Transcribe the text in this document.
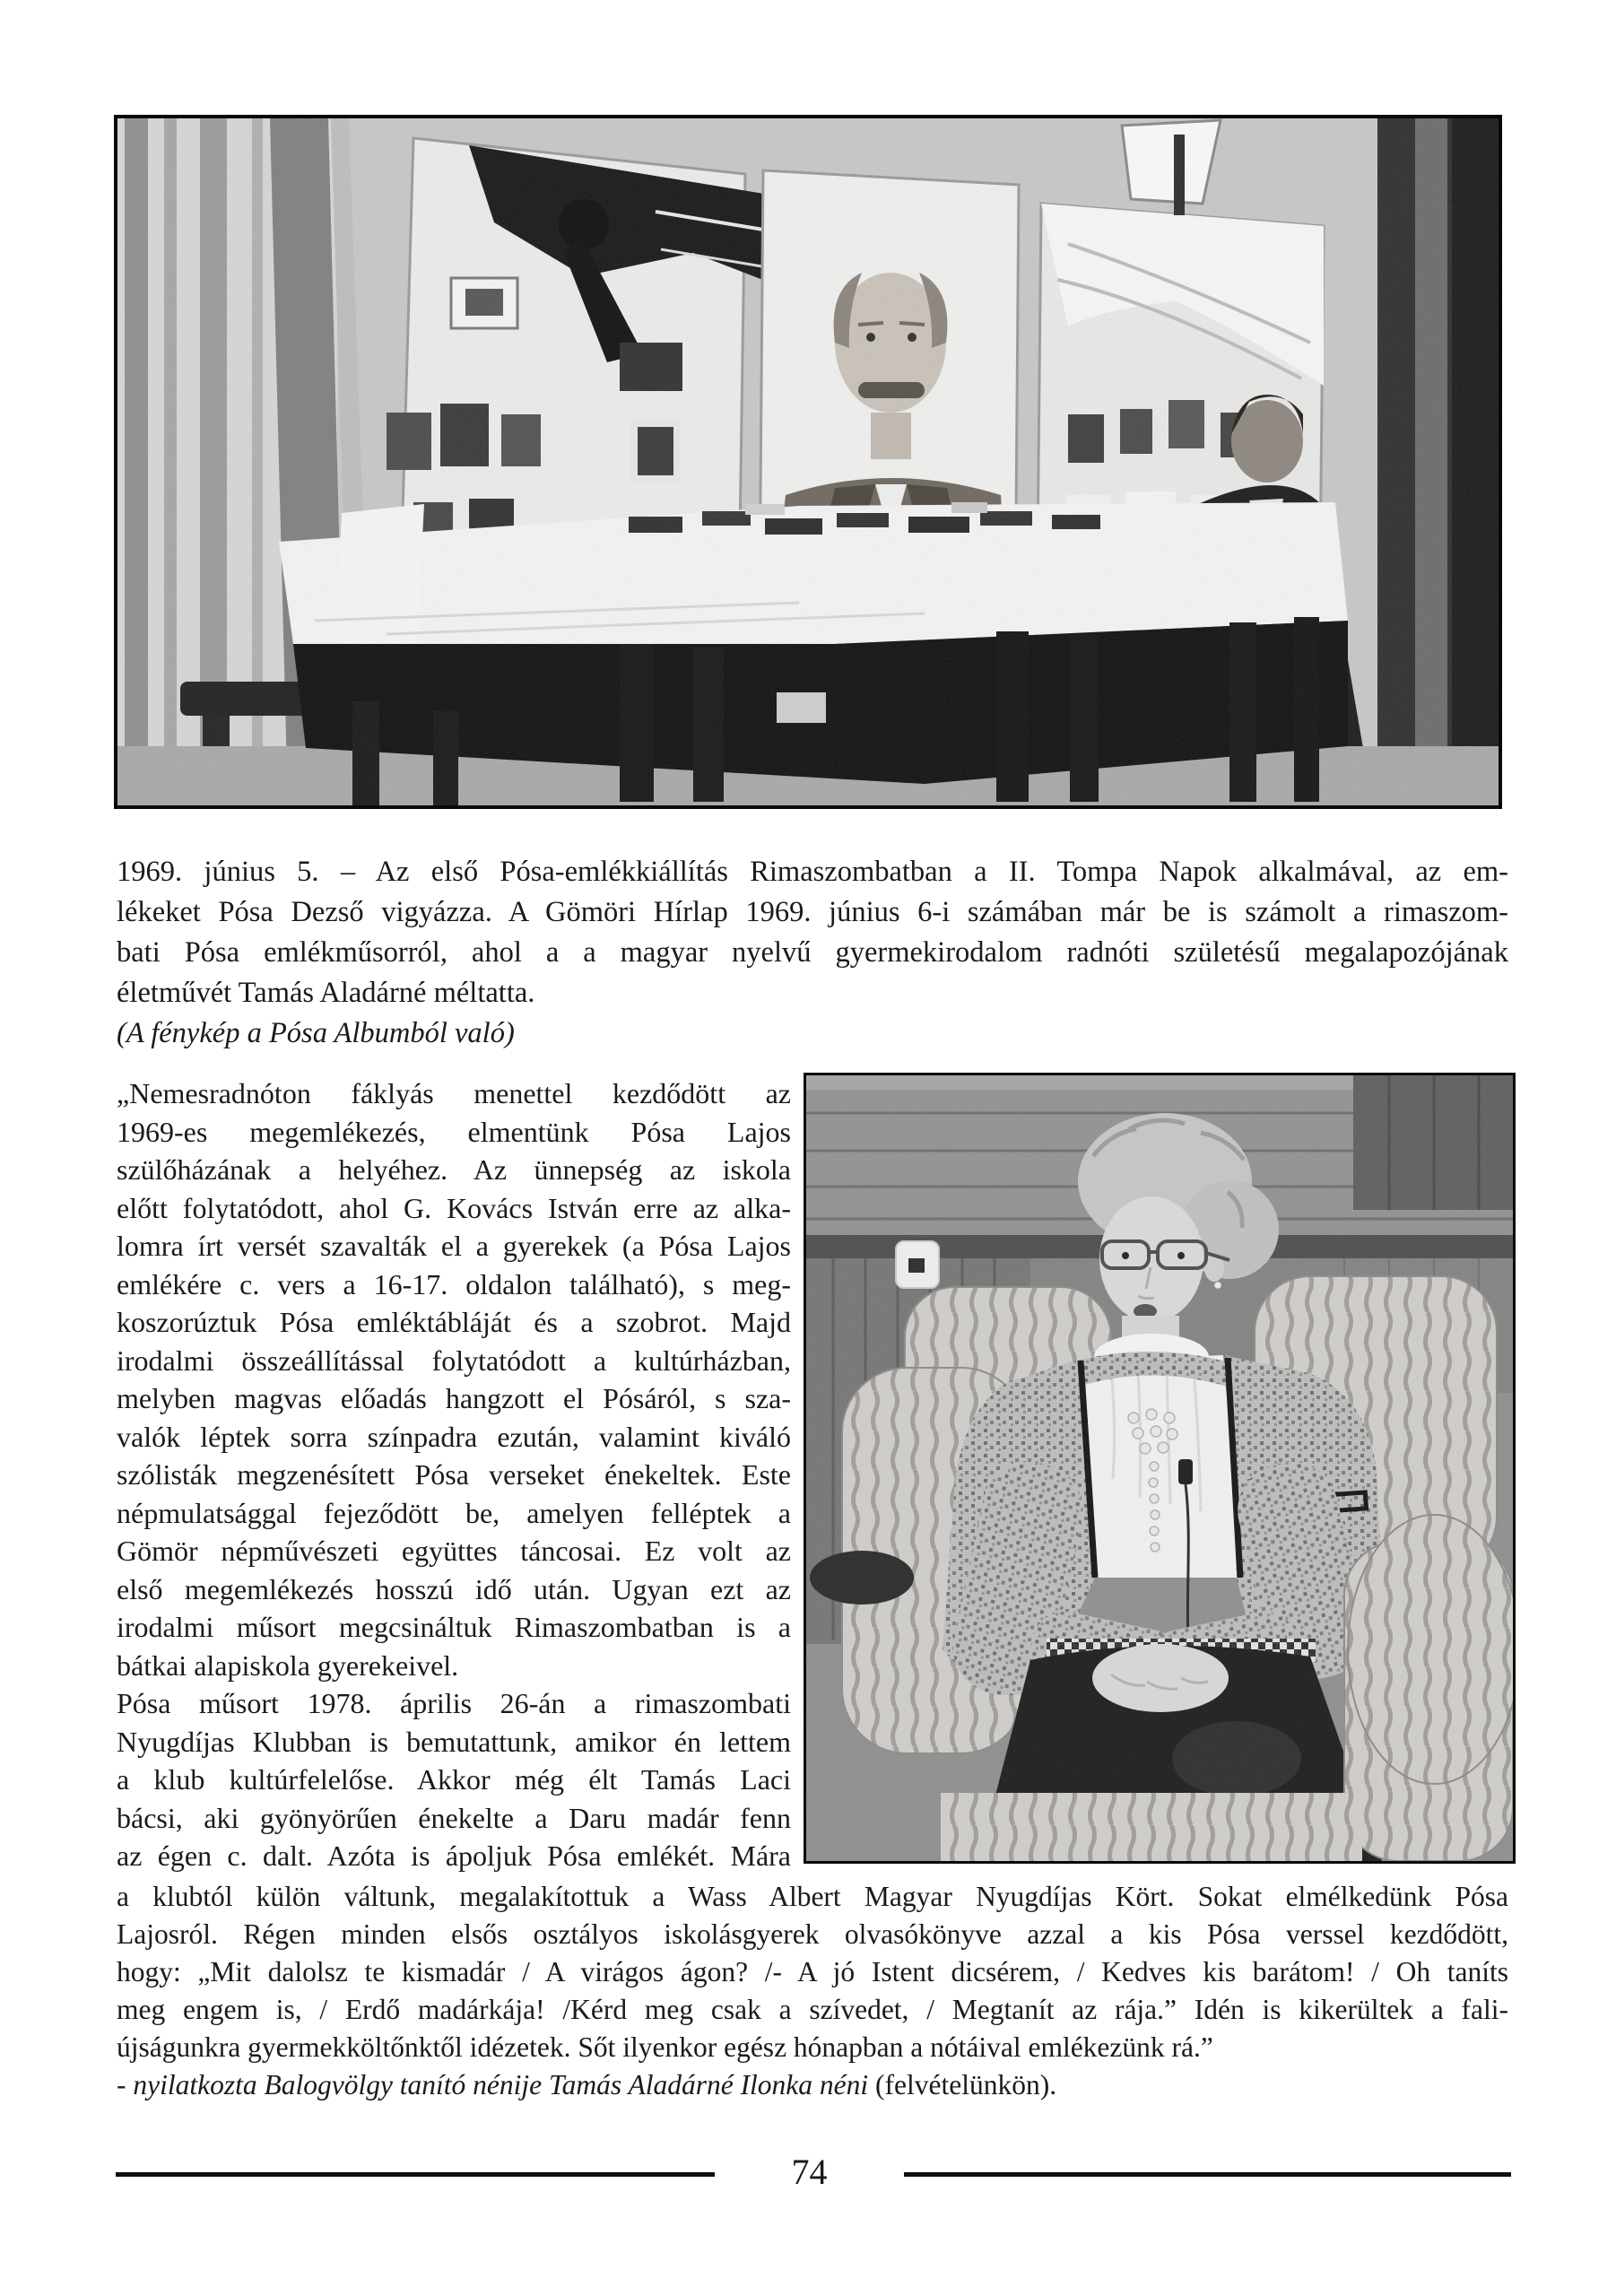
1969. június 5. – Az első Pósa-emlékkiállítás Rimaszombatban a II. Tompa Napok alkalmával, az em-
lékeket Pósa Dezső vigyázza. A Gömöri Hírlap 1969. június 6-i számában már be is számolt a rimaszom-
bati Pósa emlékműsorról, ahol a a magyar nyelvű gyermekirodalom radnóti születésű megalapozójának
életművét Tamás Aladárné méltatta.
(A fénykép a Pósa Albumból való)
„Nemesradnóton fáklyás menettel kezdődött az
1969-es megemlékezés, elmentünk Pósa Lajos
szülőházának a helyéhez. Az ünnepség az iskola
előtt folytatódott, ahol G. Kovács István erre az alka-
lomra írt versét szavalták el a gyerekek (a Pósa Lajos
emlékére c. vers a 16-17. oldalon található), s meg-
koszorúztuk Pósa emléktábláját és a szobrot. Majd
irodalmi összeállítással folytatódott a kultúrházban,
melyben magvas előadás hangzott el Pósáról, s sza-
valók léptek sorra színpadra ezután, valamint kiváló
szólisták megzenésített Pósa verseket énekeltek. Este
népmulatsággal fejeződött be, amelyen felléptek a
Gömör népművészeti együttes táncosai. Ez volt az
első megemlékezés hosszú idő után. Ugyan ezt az
irodalmi műsort megcsináltuk Rimaszombatban is a
bátkai alapiskola gyerekeivel.
Pósa műsort 1978. április 26-án a rimaszombati
Nyugdíjas Klubban is bemutattunk, amikor én lettem
a klub kultúrfelelőse. Akkor még élt Tamás Laci
bácsi, aki gyönyörűen énekelte a Daru madár fenn
az égen c. dalt. Azóta is ápoljuk Pósa emlékét. Mára
a klubtól külön váltunk, megalakítottuk a Wass Albert Magyar Nyugdíjas Kört. Sokat elmélkedünk Pósa
Lajosról. Régen minden elsős osztályos iskolásgyerek olvasókönyve azzal a kis Pósa verssel kezdődött,
hogy: „Mit dalolsz te kismadár / A virágos ágon? /- A jó Istent dicsérem, / Kedves kis barátom! / Oh taníts
meg engem is, / Erdő madárkája! /Kérd meg csak a szívedet, / Megtanít az rája.” Idén is kikerültek a fali-
újságunkra gyermekköltőnktől idézetek. Sőt ilyenkor egész hónapban a nótáival emlékezünk rá.”
- nyilatkozta Balogvölgy tanító nénije Tamás Aladárné Ilonka néni (felvételünkön).
74
